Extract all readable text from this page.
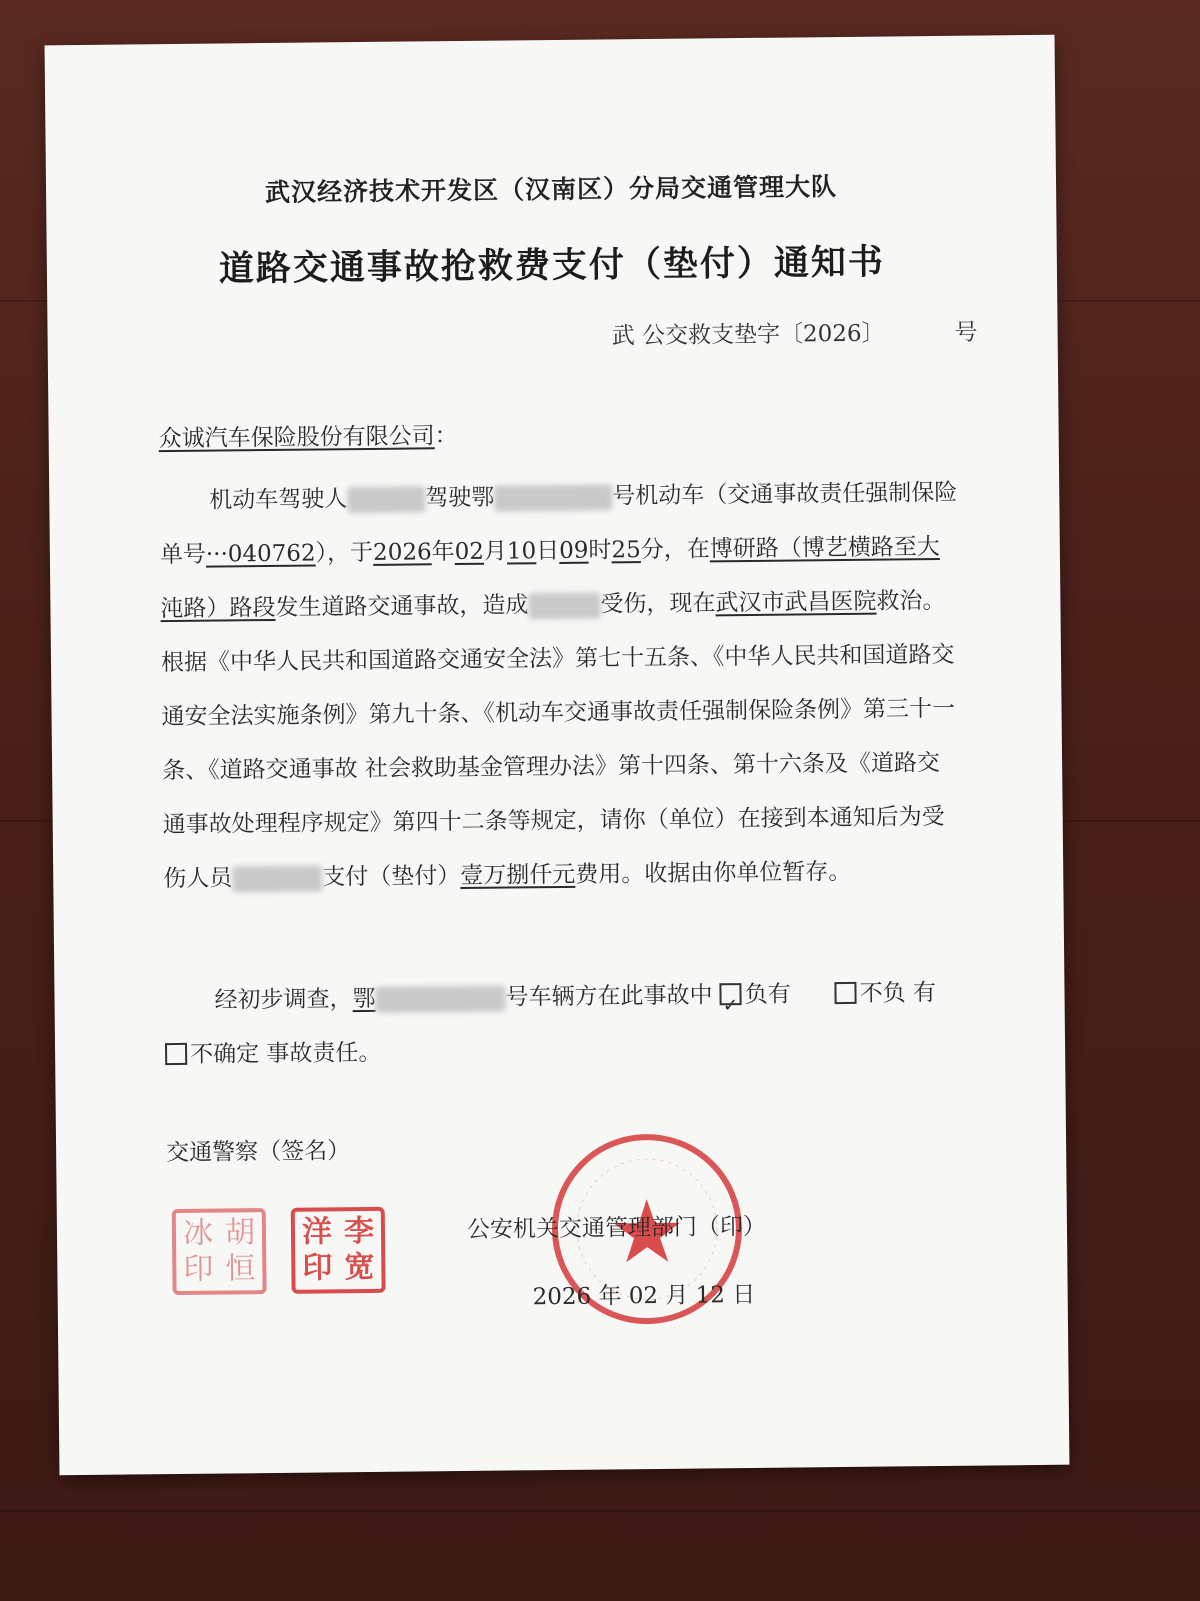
武汉经济技术开发区（汉南区）分局交通管理大队
道路交通事故抢救费支付（垫付）通知书
武 公交救支垫字〔2026〕	号
众诚汽车保险股份有限公司：
机动车驾驶人	驾驶鄂	号机动车（交通事故责任强制保险单号···040762），于2026年02月10日09时25分，在博研路（博艺横路至大沌路）路段发生道路交通事故，造成	受伤，现在武汉市武昌医院救治。根据《中华人民共和国道路交通安全法》第七十五条、《中华人民共和国道路交通安全法实施条例》第九十条、《机动车交通事故责任强制保险条例》第三十一条、《道路交通事故 社会救助基金管理办法》第十四条、第十六条及《道路交通事故处理程序规定》第四十二条等规定，请你（单位）在接到本通知后为受伤人员	支付（垫付）壹万捌仟元费用。收据由你单位暂存。
经初步调查，鄂	号车辆方在此事故中 ✓ 负有	不负 有   不确定 事故责任。
交通警察（签名）
冰 胡
印 恒
洋 李
印 宽
公安机关交通管理部门（印）
2026 年 02 月 12 日
